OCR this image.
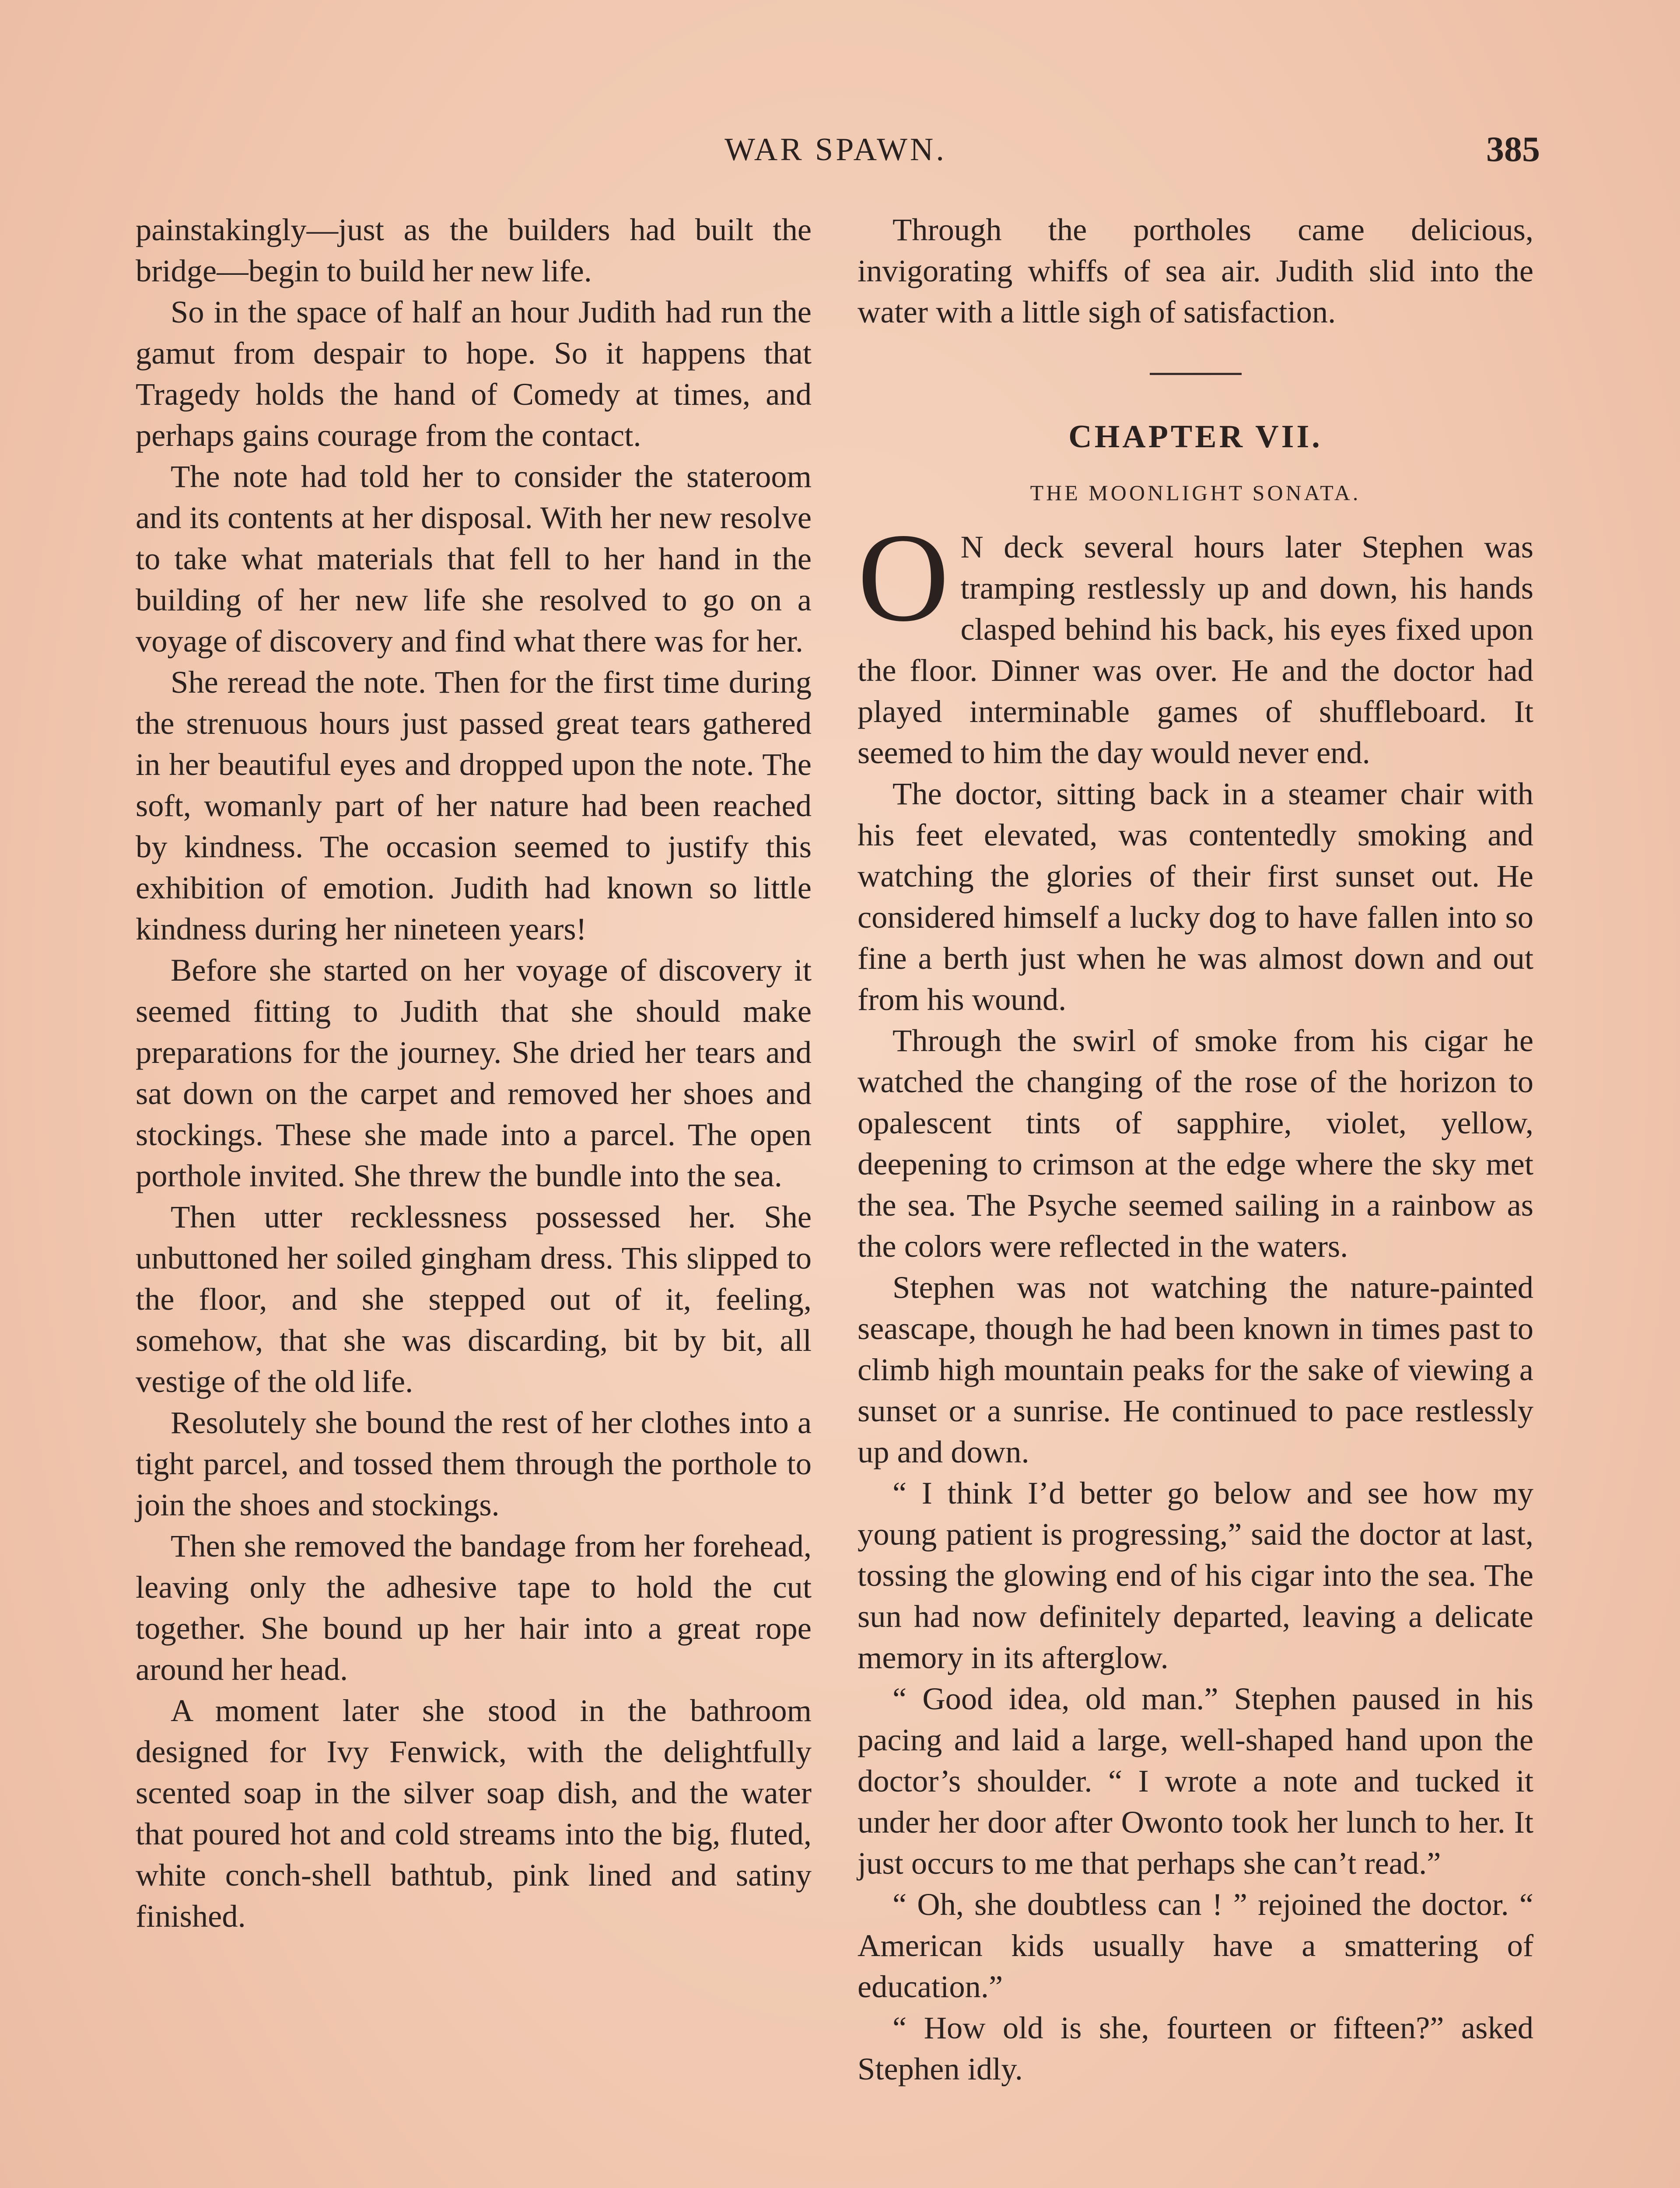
WAR SPAWN.	385

painstakingly—just as the builders had built the bridge—begin to build her new life.

So in the space of half an hour Judith had run the gamut from despair to hope. So it happens that Tragedy holds the hand of Comedy at times, and perhaps gains courage from the contact.

The note had told her to consider the stateroom and its contents at her disposal. With her new resolve to take what materials that fell to her hand in the building of her new life she resolved to go on a voyage of discovery and find what there was for her.

She reread the note. Then for the first time during the strenuous hours just passed great tears gathered in her beautiful eyes and dropped upon the note. The soft, womanly part of her nature had been reached by kindness. The occasion seemed to justify this exhibition of emotion. Judith had known so little kindness during her nineteen years!

Before she started on her voyage of discovery it seemed fitting to Judith that she should make preparations for the journey. She dried her tears and sat down on the carpet and removed her shoes and stockings. These she made into a parcel. The open porthole invited. She threw the bundle into the sea.

Then utter recklessness possessed her. She unbuttoned her soiled gingham dress. This slipped to the floor, and she stepped out of it, feeling, somehow, that she was discarding, bit by bit, all vestige of the old life.

Resolutely she bound the rest of her clothes into a tight parcel, and tossed them through the porthole to join the shoes and stockings.

Then she removed the bandage from her forehead, leaving only the adhesive tape to hold the cut together. She bound up her hair into a great rope around her head.

A moment later she stood in the bathroom designed for Ivy Fenwick, with the delightfully scented soap in the silver soap dish, and the water that poured hot and cold streams into the big, fluted, white conch-shell bathtub, pink lined and satiny finished.

Through the portholes came delicious, invigorating whiffs of sea air. Judith slid into the water with a little sigh of satisfaction.

CHAPTER VII.
THE MOONLIGHT SONATA.

O N deck several hours later Stephen was tramping restlessly up and down, his hands clasped behind his back, his eyes fixed upon the floor. Dinner was over. He and the doctor had played interminable games of shuffleboard. It seemed to him the day would never end.

The doctor, sitting back in a steamer chair with his feet elevated, was contentedly smoking and watching the glories of their first sunset out. He considered himself a lucky dog to have fallen into so fine a berth just when he was almost down and out from his wound.

Through the swirl of smoke from his cigar he watched the changing of the rose of the horizon to opalescent tints of sapphire, violet, yellow, deepening to crimson at the edge where the sky met the sea. The Psyche seemed sailing in a rainbow as the colors were reflected in the waters.

Stephen was not watching the nature-painted seascape, though he had been known in times past to climb high mountain peaks for the sake of viewing a sunset or a sunrise. He continued to pace restlessly up and down.

“ I think I’d better go below and see how my young patient is progressing,” said the doctor at last, tossing the glowing end of his cigar into the sea. The sun had now definitely departed, leaving a delicate memory in its afterglow.

“ Good idea, old man.” Stephen paused in his pacing and laid a large, well-shaped hand upon the doctor’s shoulder. “ I wrote a note and tucked it under her door after Owonto took her lunch to her. It just occurs to me that perhaps she can’t read.”

“ Oh, she doubtless can ! ” rejoined the doctor. “ American kids usually have a smattering of education.”

“ How old is she, fourteen or fifteen?” asked Stephen idly.
